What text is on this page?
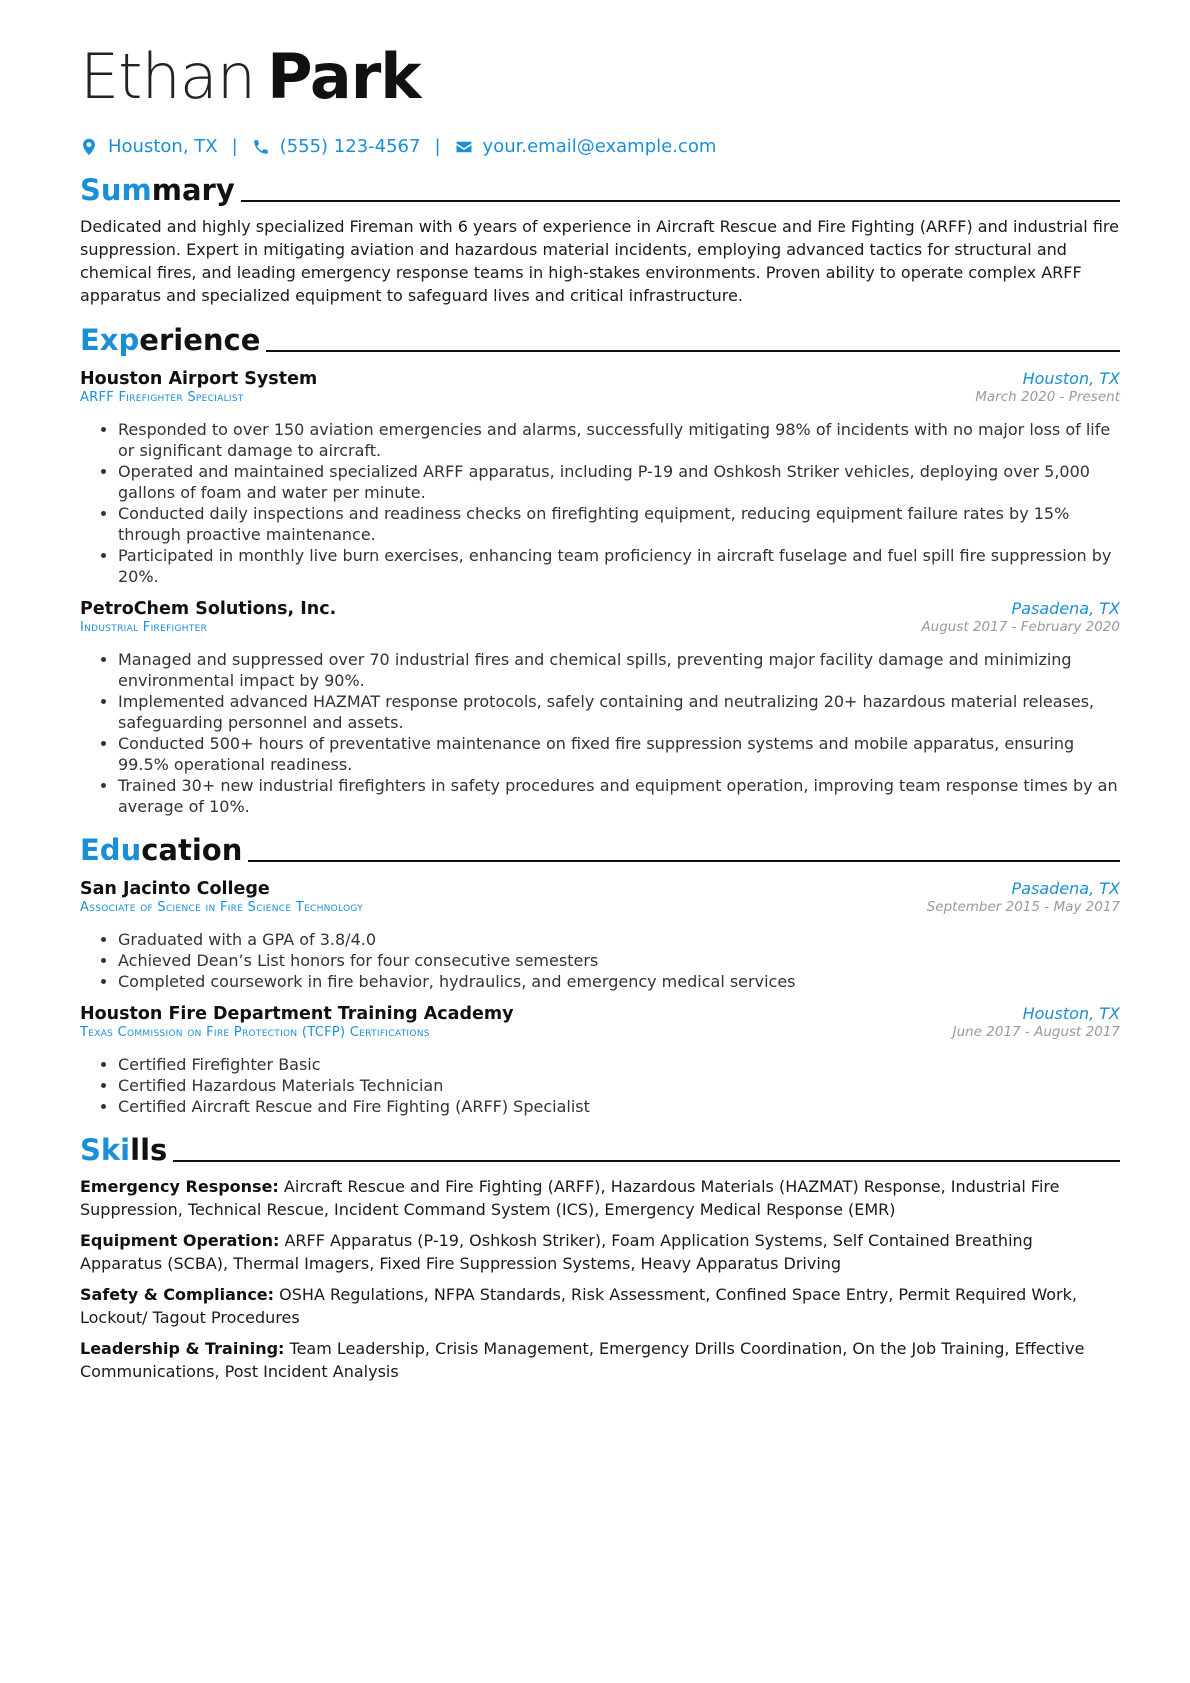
Ethan Park
Houston, TX | (555) 123-4567 | your.email@example.com
Summary
Dedicated and highly specialized Fireman with 6 years of experience in Aircraft Rescue and Fire Fighting (ARFF) and industrial fire suppression. Expert in mitigating aviation and hazardous material incidents, employing advanced tactics for structural and chemical fires, and leading emergency response teams in high-stakes environments. Proven ability to operate complex ARFF apparatus and specialized equipment to safeguard lives and critical infrastructure.
Experience
Houston Airport System	Houston, TX
ARFF Firefighter Specialist	March 2020 - Present
• Responded to over 150 aviation emergencies and alarms, successfully mitigating 98% of incidents with no major loss of life or significant damage to aircraft.
• Operated and maintained specialized ARFF apparatus, including P-19 and Oshkosh Striker vehicles, deploying over 5,000 gallons of foam and water per minute.
• Conducted daily inspections and readiness checks on firefighting equipment, reducing equipment failure rates by 15% through proactive maintenance.
• Participated in monthly live burn exercises, enhancing team proficiency in aircraft fuselage and fuel spill fire suppression by 20%.
PetroChem Solutions, Inc.	Pasadena, TX
Industrial Firefighter	August 2017 - February 2020
• Managed and suppressed over 70 industrial fires and chemical spills, preventing major facility damage and minimizing environmental impact by 90%.
• Implemented advanced HAZMAT response protocols, safely containing and neutralizing 20+ hazardous material releases, safeguarding personnel and assets.
• Conducted 500+ hours of preventative maintenance on fixed fire suppression systems and mobile apparatus, ensuring 99.5% operational readiness.
• Trained 30+ new industrial firefighters in safety procedures and equipment operation, improving team response times by an average of 10%.
Education
San Jacinto College	Pasadena, TX
Associate of Science in Fire Science Technology	September 2015 - May 2017
• Graduated with a GPA of 3.8/4.0
• Achieved Dean’s List honors for four consecutive semesters
• Completed coursework in fire behavior, hydraulics, and emergency medical services
Houston Fire Department Training Academy	Houston, TX
Texas Commission on Fire Protection (TCFP) Certifications	June 2017 - August 2017
• Certified Firefighter Basic
• Certified Hazardous Materials Technician
• Certified Aircraft Rescue and Fire Fighting (ARFF) Specialist
Skills
Emergency Response: Aircraft Rescue and Fire Fighting (ARFF), Hazardous Materials (HAZMAT) Response, Industrial Fire Suppression, Technical Rescue, Incident Command System (ICS), Emergency Medical Response (EMR)
Equipment Operation: ARFF Apparatus (P-19, Oshkosh Striker), Foam Application Systems, Self Contained Breathing Apparatus (SCBA), Thermal Imagers, Fixed Fire Suppression Systems, Heavy Apparatus Driving
Safety & Compliance: OSHA Regulations, NFPA Standards, Risk Assessment, Confined Space Entry, Permit Required Work, Lockout/ Tagout Procedures
Leadership & Training: Team Leadership, Crisis Management, Emergency Drills Coordination, On the Job Training, Effective Communications, Post Incident Analysis
